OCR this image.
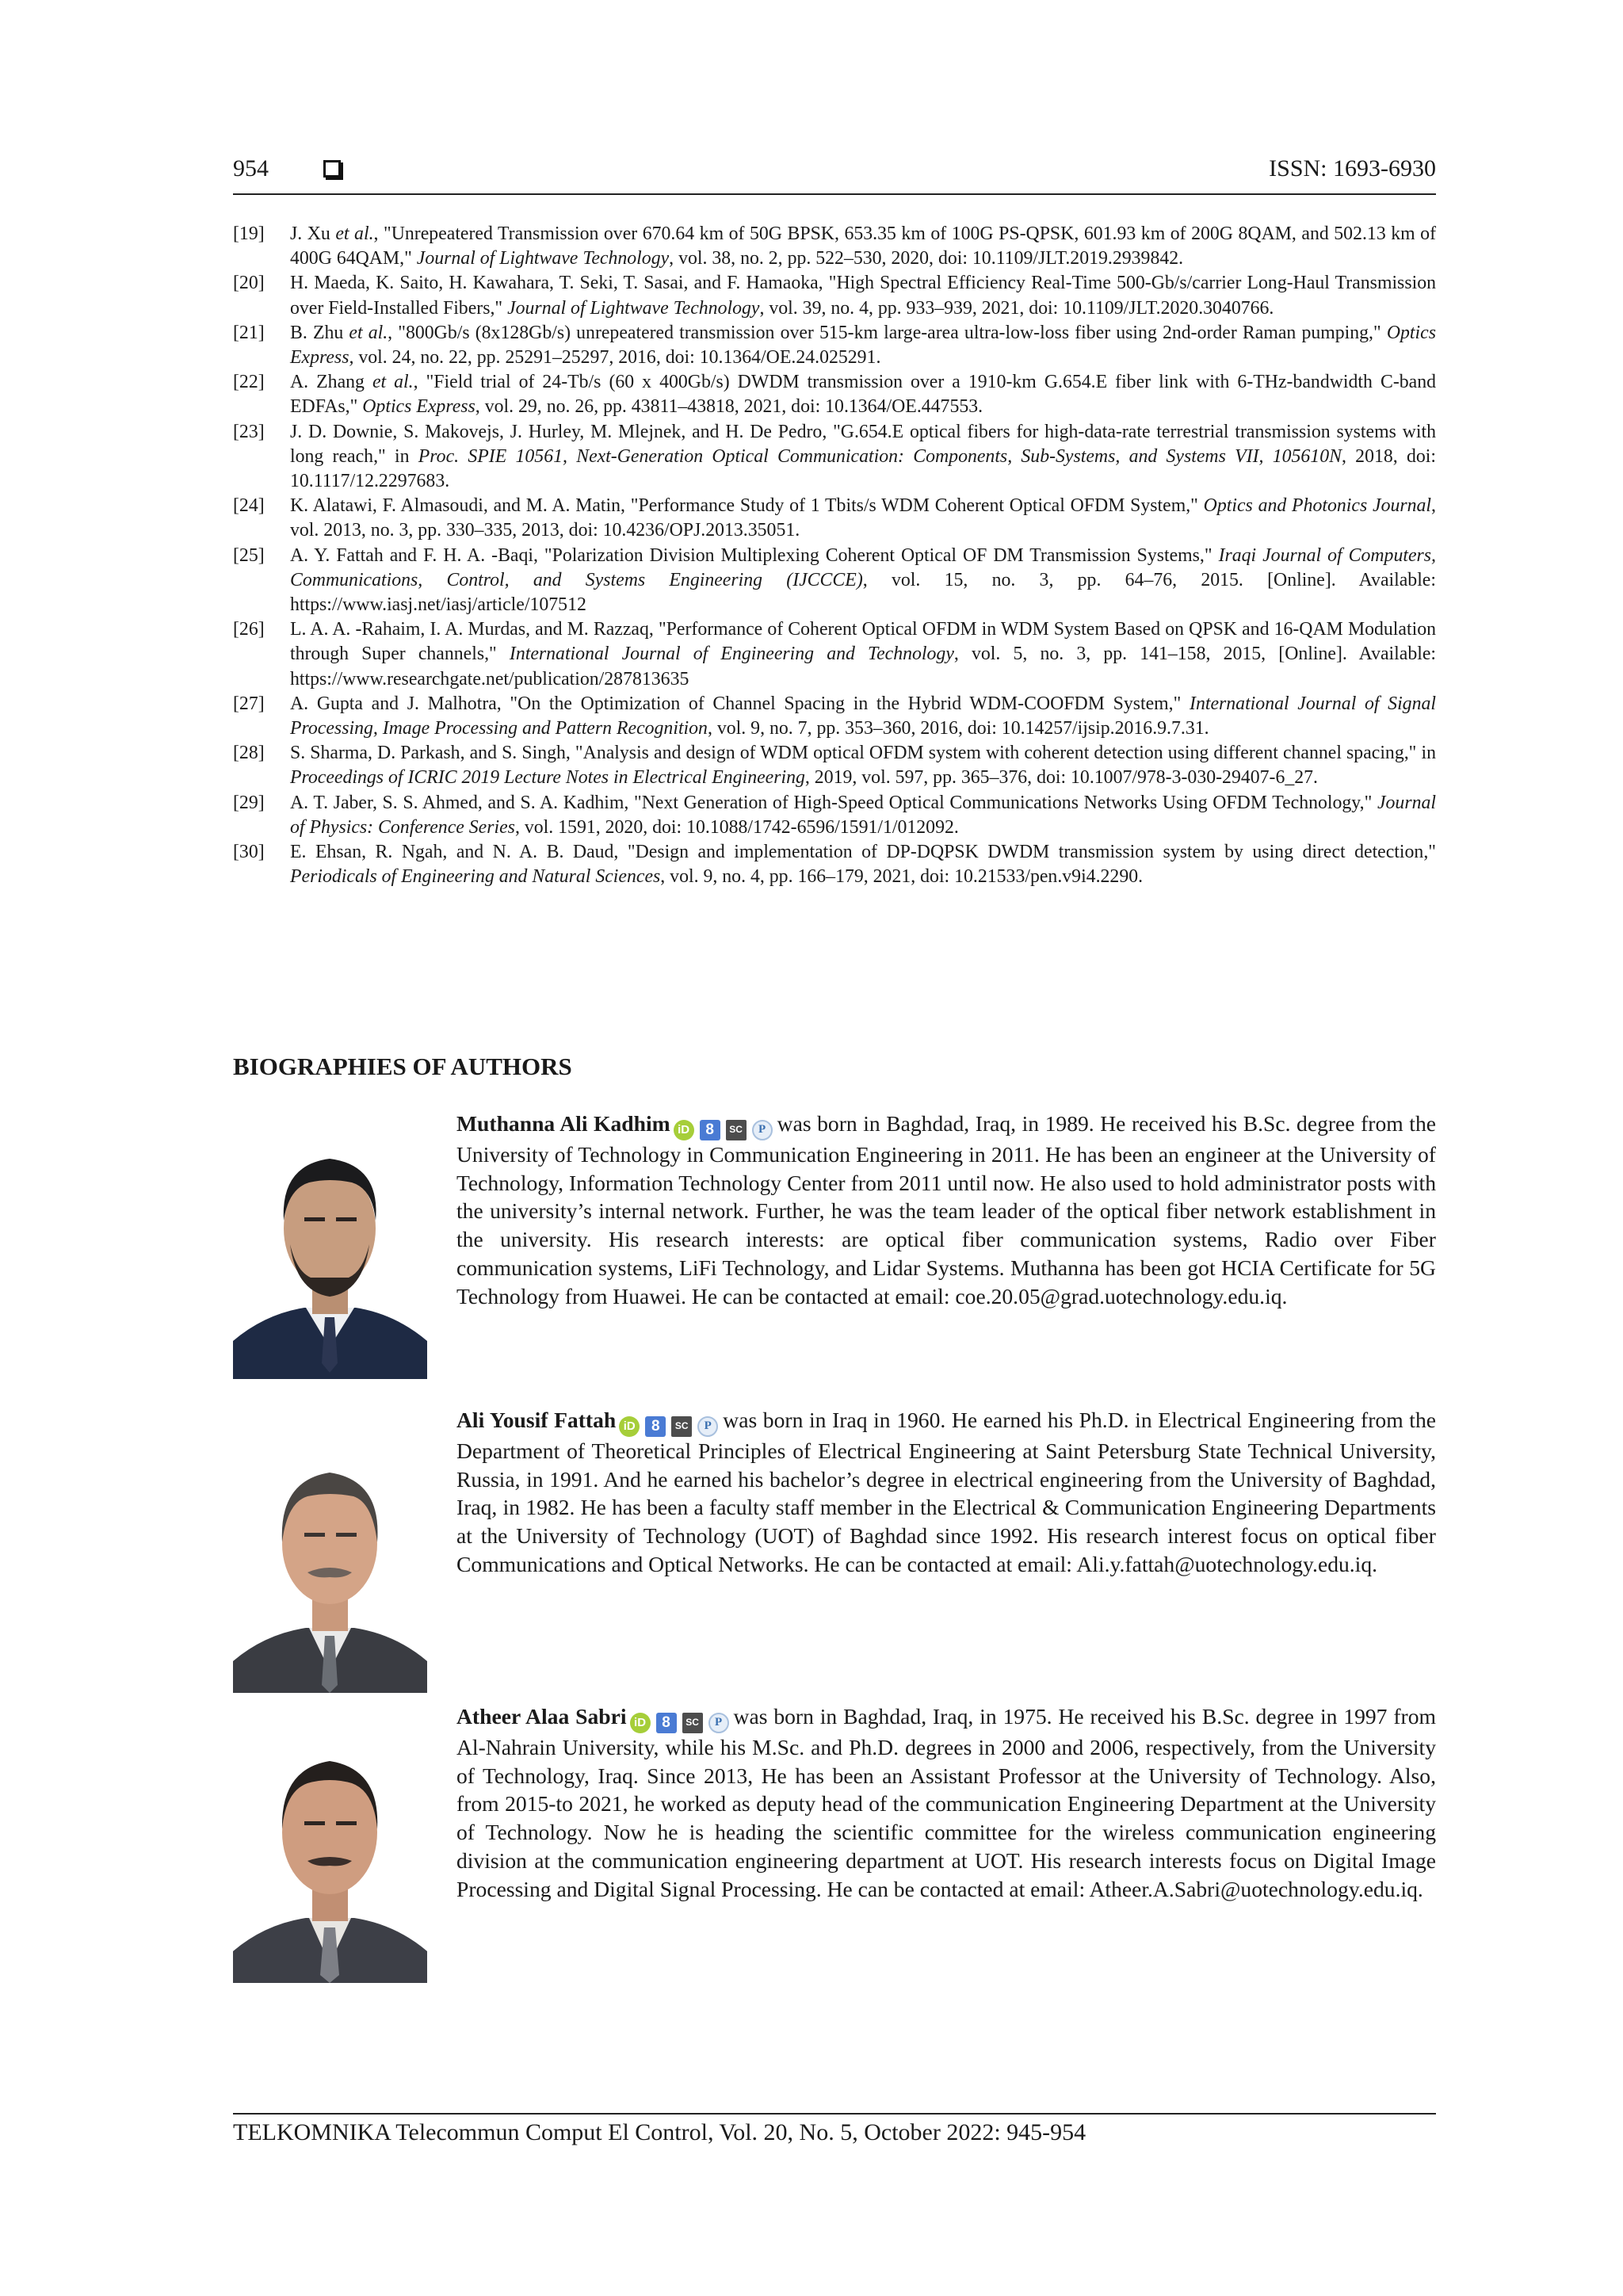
954	ISSN: 1693-6930
[19]	J. Xu et al., "Unrepeatered Transmission over 670.64 km of 50G BPSK, 653.35 km of 100G PS-QPSK, 601.93 km of 200G 8QAM, and 502.13 km of 400G 64QAM," Journal of Lightwave Technology, vol. 38, no. 2, pp. 522–530, 2020, doi: 10.1109/JLT.2019.2939842.
[20]	H. Maeda, K. Saito, H. Kawahara, T. Seki, T. Sasai, and F. Hamaoka, "High Spectral Efficiency Real-Time 500-Gb/s/carrier Long-Haul Transmission over Field-Installed Fibers," Journal of Lightwave Technology, vol. 39, no. 4, pp. 933–939, 2021, doi: 10.1109/JLT.2020.3040766.
[21]	B. Zhu et al., "800Gb/s (8x128Gb/s) unrepeatered transmission over 515-km large-area ultra-low-loss fiber using 2nd-order Raman pumping," Optics Express, vol. 24, no. 22, pp. 25291–25297, 2016, doi: 10.1364/OE.24.025291.
[22]	A. Zhang et al., "Field trial of 24-Tb/s (60 x 400Gb/s) DWDM transmission over a 1910-km G.654.E fiber link with 6-THz-bandwidth C-band EDFAs," Optics Express, vol. 29, no. 26, pp. 43811–43818, 2021, doi: 10.1364/OE.447553.
[23]	J. D. Downie, S. Makovejs, J. Hurley, M. Mlejnek, and H. De Pedro, "G.654.E optical fibers for high-data-rate terrestrial transmission systems with long reach," in Proc. SPIE 10561, Next-Generation Optical Communication: Components, Sub-Systems, and Systems VII, 105610N, 2018, doi: 10.1117/12.2297683.
[24]	K. Alatawi, F. Almasoudi, and M. A. Matin, "Performance Study of 1 Tbits/s WDM Coherent Optical OFDM System," Optics and Photonics Journal, vol. 2013, no. 3, pp. 330–335, 2013, doi: 10.4236/OPJ.2013.35051.
[25]	A. Y. Fattah and F. H. A. -Baqi, "Polarization Division Multiplexing Coherent Optical OF DM Transmission Systems," Iraqi Journal of Computers, Communications, Control, and Systems Engineering (IJCCCE), vol. 15, no. 3, pp. 64–76, 2015. [Online]. Available: https://www.iasj.net/iasj/article/107512
[26]	L. A. A. -Rahaim, I. A. Murdas, and M. Razzaq, "Performance of Coherent Optical OFDM in WDM System Based on QPSK and 16-QAM Modulation through Super channels," International Journal of Engineering and Technology, vol. 5, no. 3, pp. 141–158, 2015, [Online]. Available: https://www.researchgate.net/publication/287813635
[27]	A. Gupta and J. Malhotra, "On the Optimization of Channel Spacing in the Hybrid WDM-COOFDM System," International Journal of Signal Processing, Image Processing and Pattern Recognition, vol. 9, no. 7, pp. 353–360, 2016, doi: 10.14257/ijsip.2016.9.7.31.
[28]	S. Sharma, D. Parkash, and S. Singh, "Analysis and design of WDM optical OFDM system with coherent detection using different channel spacing," in Proceedings of ICRIC 2019 Lecture Notes in Electrical Engineering, 2019, vol. 597, pp. 365–376, doi: 10.1007/978-3-030-29407-6_27.
[29]	A. T. Jaber, S. S. Ahmed, and S. A. Kadhim, "Next Generation of High-Speed Optical Communications Networks Using OFDM Technology," Journal of Physics: Conference Series, vol. 1591, 2020, doi: 10.1088/1742-6596/1591/1/012092.
[30]	E. Ehsan, R. Ngah, and N. A. B. Daud, "Design and implementation of DP-DQPSK DWDM transmission system by using direct detection," Periodicals of Engineering and Natural Sciences, vol. 9, no. 4, pp. 166–179, 2021, doi: 10.21533/pen.v9i4.2290.
BIOGRAPHIES OF AUTHORS
Muthanna Ali Kadhim iD	8	SC	P was born in Baghdad, Iraq, in 1989. He received his B.Sc. degree from the University of Technology in Communication Engineering in 2011. He has been an engineer at the University of Technology, Information Technology Center from 2011 until now. He also used to hold administrator posts with the university’s internal network. Further, he was the team leader of the optical fiber network establishment in the university. His research interests: are optical fiber communication systems, Radio over Fiber communication systems, LiFi Technology, and Lidar Systems. Muthanna has been got HCIA Certificate for 5G Technology from Huawei. He can be contacted at email: coe.20.05@grad.uotechnology.edu.iq.
Ali Yousif Fattah iD	8	SC	P was born in Iraq in 1960. He earned his Ph.D. in Electrical Engineering from the Department of Theoretical Principles of Electrical Engineering at Saint Petersburg State Technical University, Russia, in 1991. And he earned his bachelor’s degree in electrical engineering from the University of Baghdad, Iraq, in 1982. He has been a faculty staff member in the Electrical & Communication Engineering Departments at the University of Technology (UOT) of Baghdad since 1992. His research interest focus on optical fiber Communications and Optical Networks. He can be contacted at email: Ali.y.fattah@uotechnology.edu.iq.
Atheer Alaa Sabri iD	8	SC	P was born in Baghdad, Iraq, in 1975. He received his B.Sc. degree in 1997 from Al-Nahrain University, while his M.Sc. and Ph.D. degrees in 2000 and 2006, respectively, from the University of Technology, Iraq. Since 2013, He has been an Assistant Professor at the University of Technology. Also, from 2015-to 2021, he worked as deputy head of the communication Engineering Department at the University of Technology. Now he is heading the scientific committee for the wireless communication engineering division at the communication engineering department at UOT. His research interests focus on Digital Image Processing and Digital Signal Processing. He can be contacted at email: Atheer.A.Sabri@uotechnology.edu.iq.
TELKOMNIKA Telecommun Comput El Control, Vol. 20, No. 5, October 2022: 945-954
